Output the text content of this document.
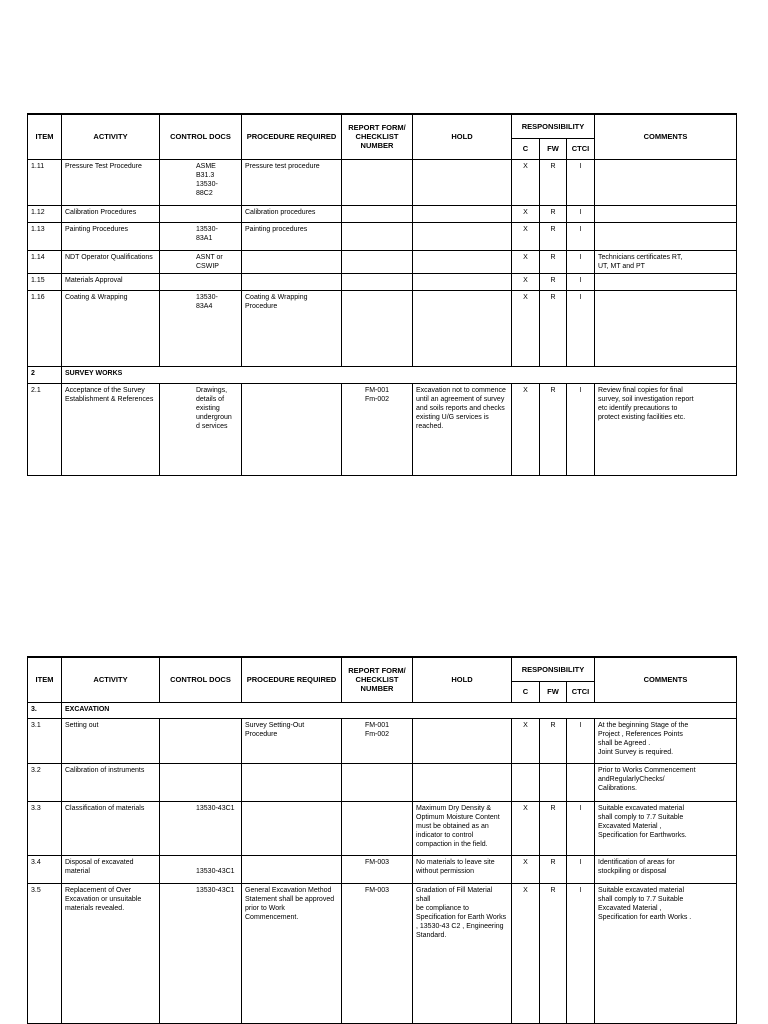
ITEM	ACTIVITY	CONTROL DOCS	PROCEDURE REQUIRED	REPORT FORM/
CHECKLIST
NUMBER	HOLD	RESPONSIBILITY			COMMENTS
						C	FW	CTCI	
1.11	Pressure Test Procedure	ASME
B31.3
13530-
88C2	Pressure test procedure			X	R	I	
1.12	Calibration Procedures		Calibration procedures			X	R	I	
1.13	Painting Procedures	13530-
83A1	Painting procedures			X	R	I	
1.14	NDT Operator Qualifications	ASNT or
CSWIP				X	R	I	Technicians certificates RT,
UT, MT and PT
1.15	Materials Approval					X	R	I	
1.16	Coating & Wrapping	13530-
83A4	Coating & Wrapping Procedure			X	R	I	
2	SURVEY WORKS								
2.1	Acceptance of the Survey
Establishment & References	Drawings,
details of
existing
undergroun
d services		FM-001
Fm-002	Excavation not to commence
until an agreement of survey
and soils reports and checks
existing U/G services is
reached.	X	R	I	Review final copies for final
survey, soil investigation report
etc identify precautions to
protect existing facilities etc.
ITEM	ACTIVITY	CONTROL DOCS	PROCEDURE REQUIRED	REPORT FORM/
CHECKLIST
NUMBER	HOLD	RESPONSIBILITY			COMMENTS
						C	FW	CTCI	
3.	EXCAVATION								
3.1	Setting out		Survey Setting-Out Procedure	FM-001
Fm-002		X	R	I	At the beginning Stage of the
Project , References Points
shall be Agreed .
Joint Survey is required.
3.2	Calibration of instruments								Prior to Works Commencement
andRegularlyChecks/
Calibrations.
3.3	Classification of materials	13530-43C1			Maximum Dry Density &
Optimum Moisture Content
must be obtained as an
indicator to control
compaction in the field.	X	R	I	Suitable excavated material
shall comply to 7.7 Suitable
Excavated Material ,
Specification for Earthworks.
3.4	Disposal of excavated
material	
13530-43C1		FM-003	No materials to leave site
without permission	X	R	I	Identification of areas for
stockpiling or disposal
3.5	Replacement of Over
Excavation or unsuitable
materials revealed.	13530-43C1	General Excavation Method
Statement shall be approved
prior to Work Commencement.	FM-003	Gradation of Fill Material shall
be compliance to
Specification for Earth Works
, 13530-43 C2 , Engineering
Standard.	X	R	I	Suitable excavated material
shall comply to 7.7 Suitable
Excavated Material ,
Specification for earth Works .
